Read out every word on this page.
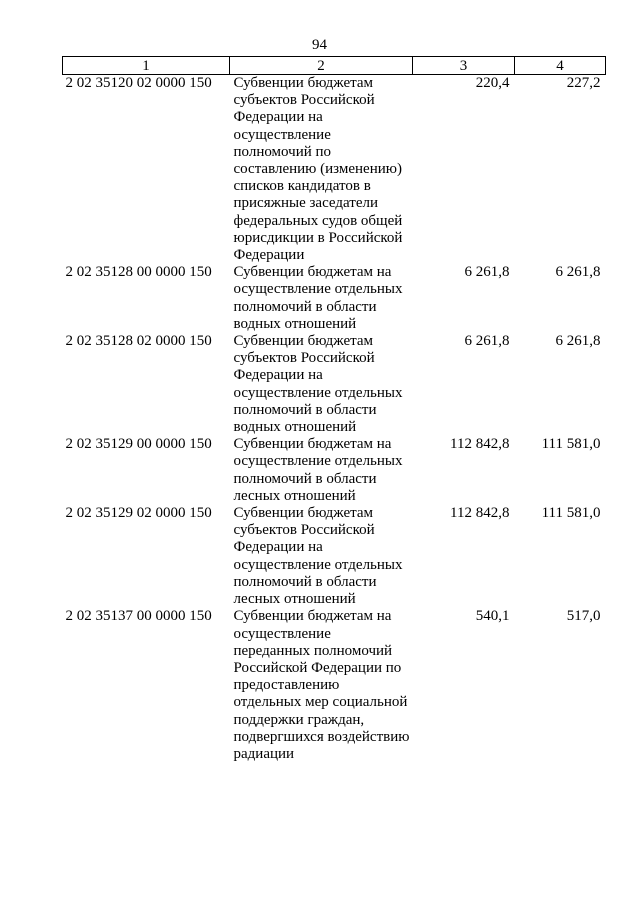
94
1	2	3	4
2 02 35120 02 0000 150	Субвенции бюджетам субъектов Российской Федерации на осуществление полномочий по составлению (изменению) списков кандидатов в присяжные заседатели федеральных судов общей юрисдикции в Российской Федерации	220,4	227,2
2 02 35128 00 0000 150	Субвенции бюджетам на осуществление отдельных полномочий в области водных отношений	6 261,8	6 261,8
2 02 35128 02 0000 150	Субвенции бюджетам субъектов Российской Федерации на осуществление отдельных полномочий в области водных отношений	6 261,8	6 261,8
2 02 35129 00 0000 150	Субвенции бюджетам на осуществление отдельных полномочий в области лесных отношений	112 842,8	111 581,0
2 02 35129 02 0000 150	Субвенции бюджетам субъектов Российской Федерации на осуществление отдельных полномочий в области лесных отношений	112 842,8	111 581,0
2 02 35137 00 0000 150	Субвенции бюджетам на осуществление переданных полномочий Российской Федерации по предоставлению отдельных мер социальной поддержки граждан, подвергшихся воздействию радиации	540,1	517,0
